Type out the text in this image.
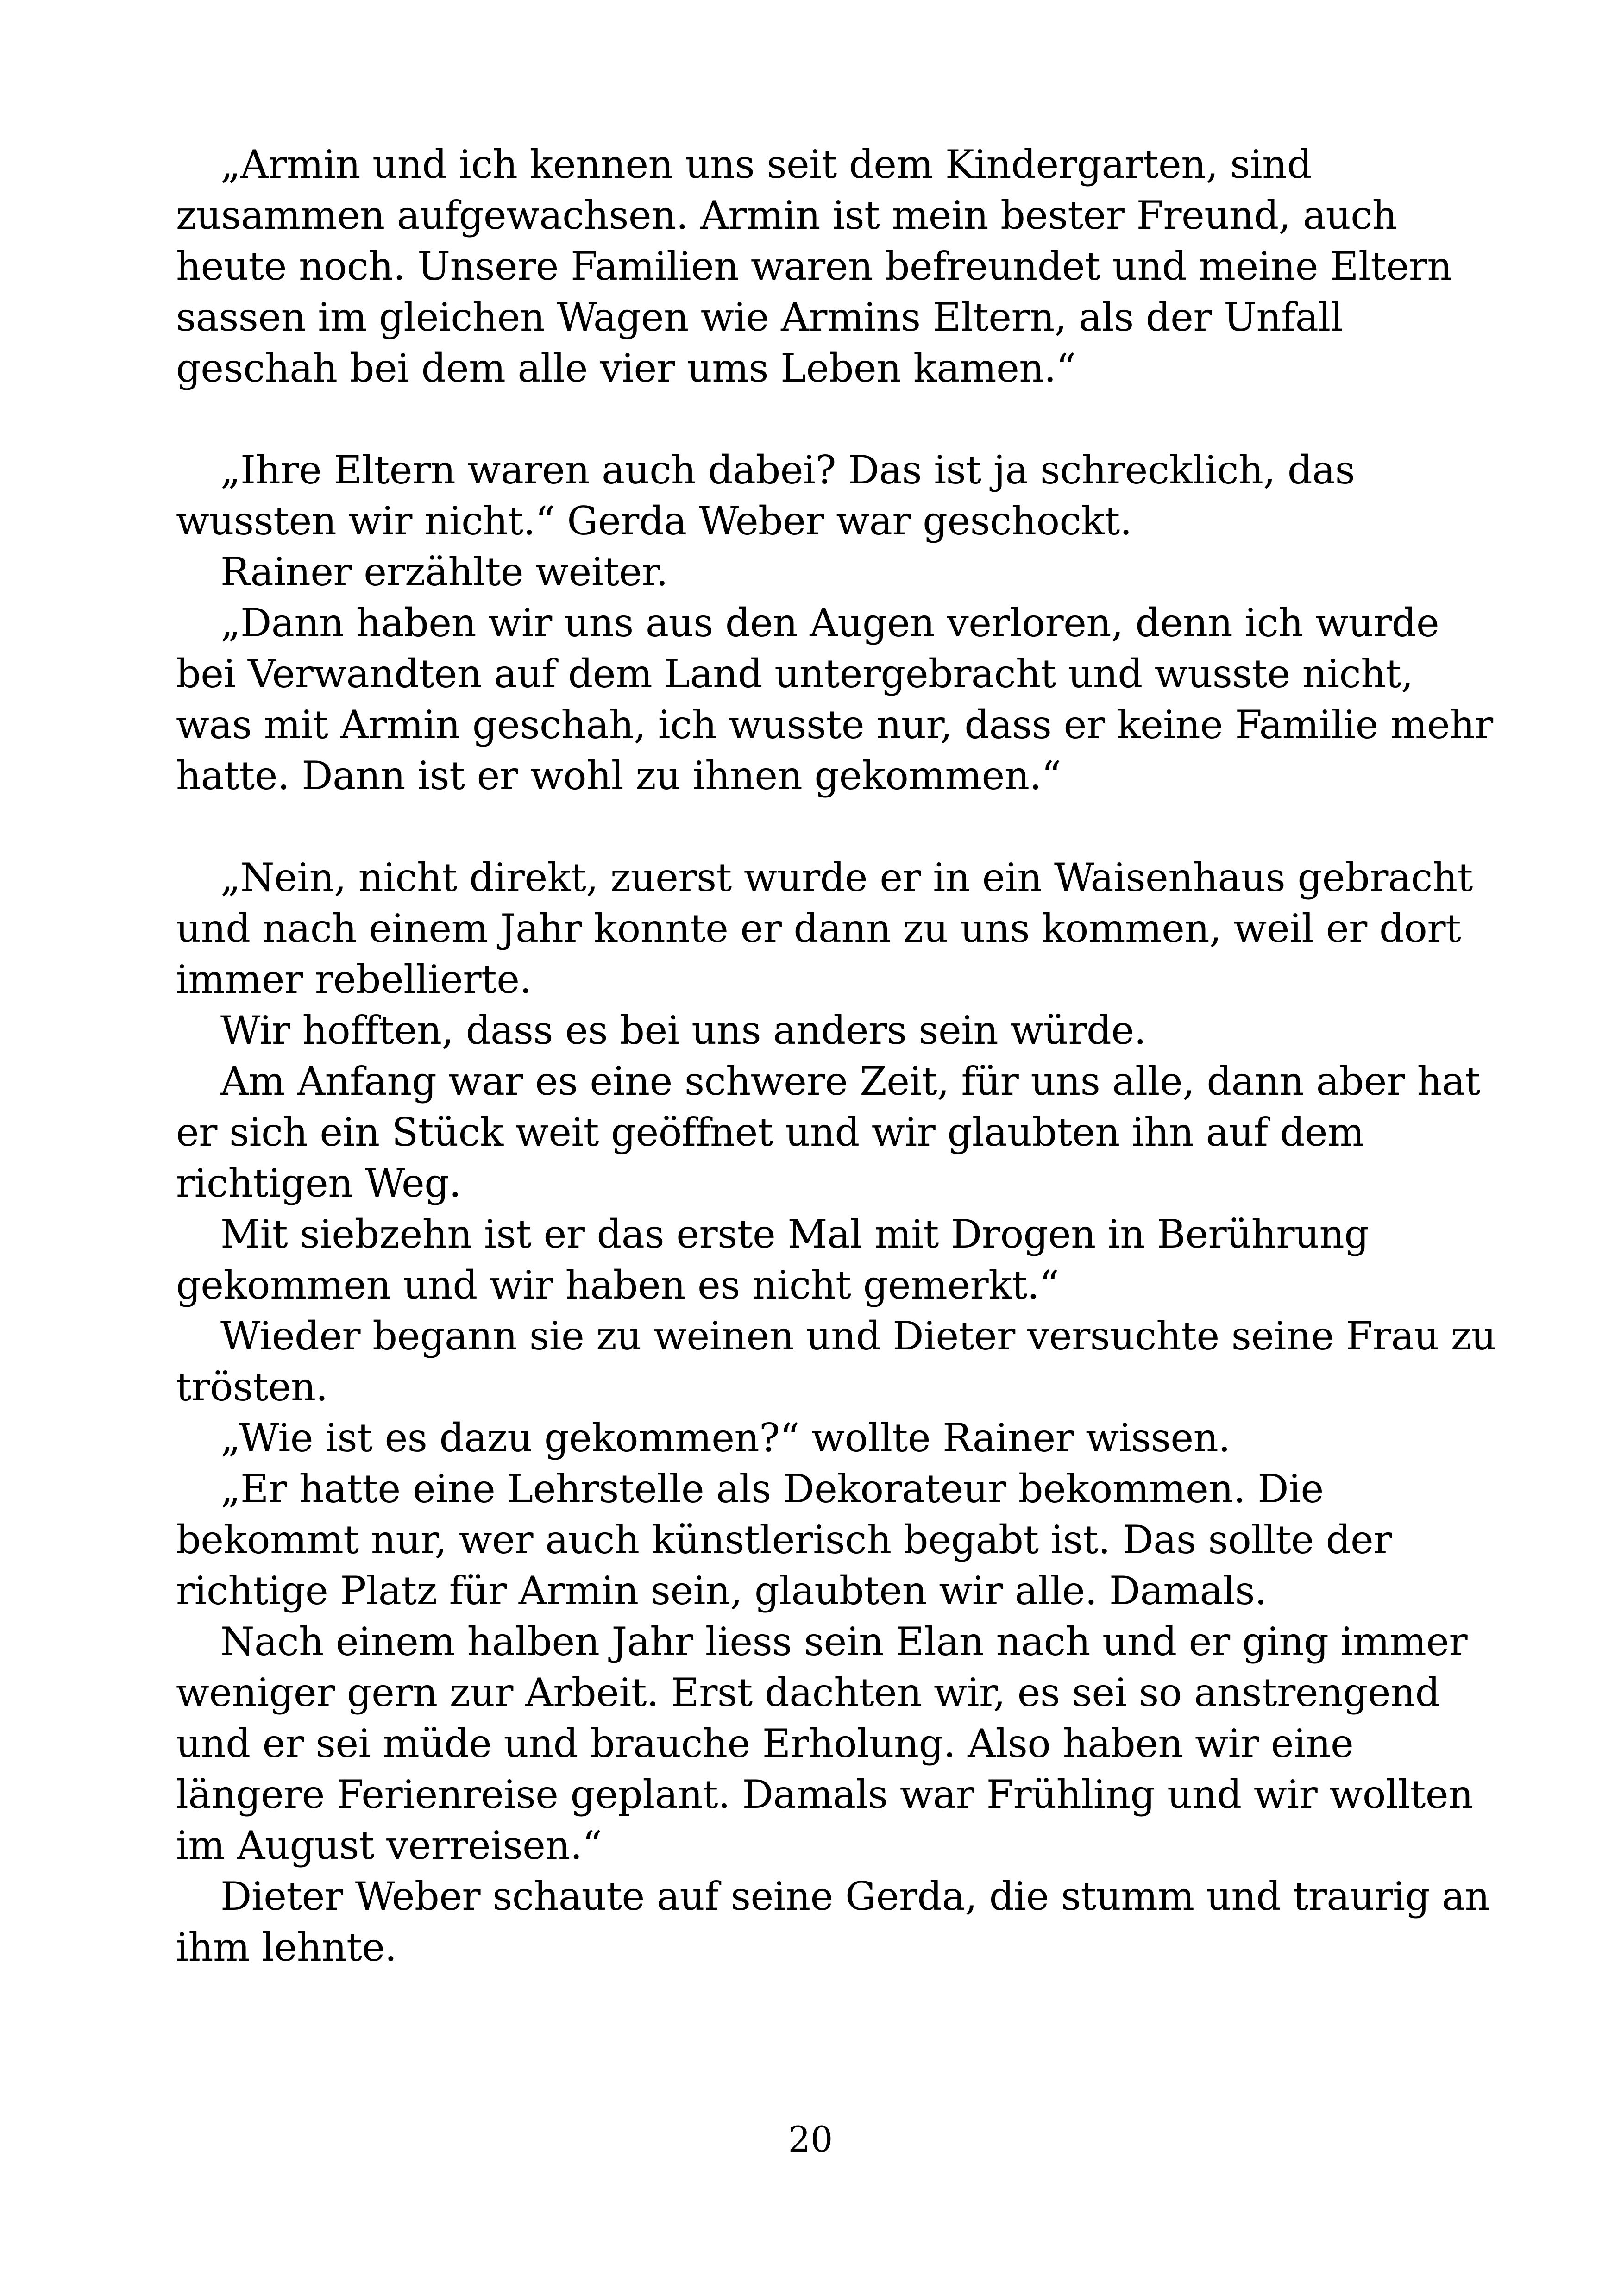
„Armin und ich kennen uns seit dem Kindergarten, sind
zusammen aufgewachsen. Armin ist mein bester Freund, auch
heute noch. Unsere Familien waren befreundet und meine Eltern
sassen im gleichen Wagen wie Armins Eltern, als der Unfall
geschah bei dem alle vier ums Leben kamen.“
„Ihre Eltern waren auch dabei? Das ist ja schrecklich, das
wussten wir nicht.“ Gerda Weber war geschockt.
Rainer erzählte weiter.
„Dann haben wir uns aus den Augen verloren, denn ich wurde
bei Verwandten auf dem Land untergebracht und wusste nicht,
was mit Armin geschah, ich wusste nur, dass er keine Familie mehr
hatte. Dann ist er wohl zu ihnen gekommen.“
„Nein, nicht direkt, zuerst wurde er in ein Waisenhaus gebracht
und nach einem Jahr konnte er dann zu uns kommen, weil er dort
immer rebellierte.
Wir hofften, dass es bei uns anders sein würde.
Am Anfang war es eine schwere Zeit, für uns alle, dann aber hat
er sich ein Stück weit geöffnet und wir glaubten ihn auf dem
richtigen Weg.
Mit siebzehn ist er das erste Mal mit Drogen in Berührung
gekommen und wir haben es nicht gemerkt.“
Wieder begann sie zu weinen und Dieter versuchte seine Frau zu
trösten.
„Wie ist es dazu gekommen?“ wollte Rainer wissen.
„Er hatte eine Lehrstelle als Dekorateur bekommen. Die
bekommt nur, wer auch künstlerisch begabt ist. Das sollte der
richtige Platz für Armin sein, glaubten wir alle. Damals.
Nach einem halben Jahr liess sein Elan nach und er ging immer
weniger gern zur Arbeit. Erst dachten wir, es sei so anstrengend
und er sei müde und brauche Erholung. Also haben wir eine
längere Ferienreise geplant. Damals war Frühling und wir wollten
im August verreisen.“
Dieter Weber schaute auf seine Gerda, die stumm und traurig an
ihm lehnte.
20
